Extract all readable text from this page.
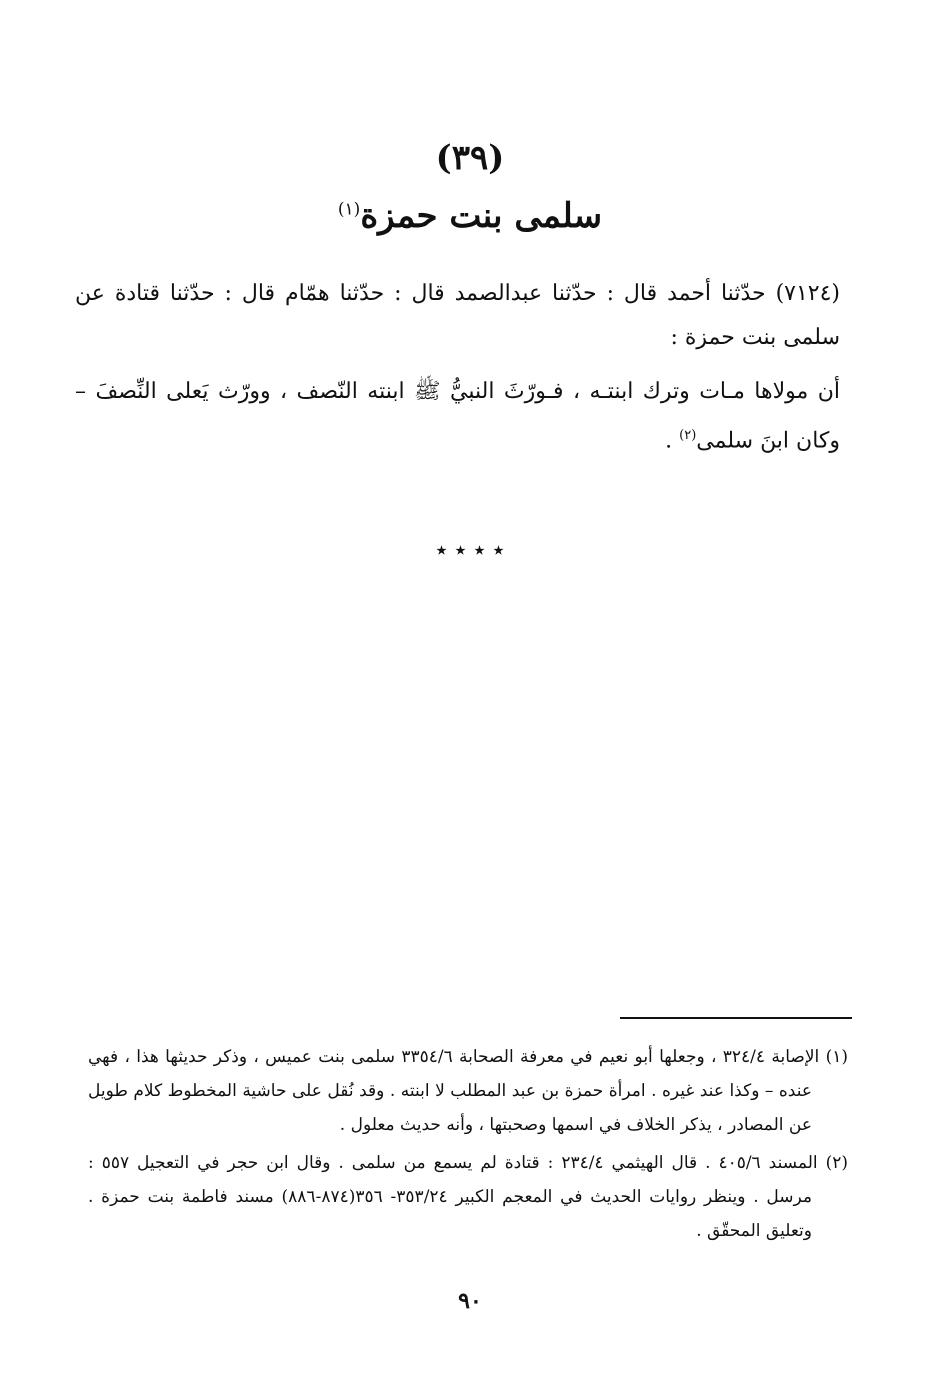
(٣٩)
سلمى بنت حمزة$^{(١)}$
(٧١٢٤) حدّثنا أحمد قال : حدّثنا عبدالصمد قال : حدّثنا همّام قال : حدّثنا قتادة عن سلمى بنت حمزة :
أن مولاها مـات وترك ابنتـه ، فـورّثَ النبيُّ ﷺ ابنته النّصف ، وورّث يَعلى النِّصفَ – وكان ابنَ سلمى$^{(٢)}$ .
٭ ٭ ٭ ٭

(١) الإصابة ٣٢٤/٤ ، وجعلها أبو نعيم في معرفة الصحابة ٣٣٥٤/٦ سلمى بنت عميس ، وذكر حديثها هذا ، فهي عنده – وكذا عند غيره . امرأة حمزة بن عبد المطلب لا ابنته . وقد نُقل على حاشية المخطوط كلام طويل عن المصادر ، يذكر الخلاف في اسمها وصحبتها ، وأنه حديث معلول .

(٢) المسند ٤٠٥/٦ . قال الهيثمي ٢٣٤/٤ : قتادة لم يسمع من سلمى . وقال ابن حجر في التعجيل ٥٥٧ : مرسل . وينظر روايات الحديث في المعجم الكبير ٣٥٣/٢٤- ٣٥٦(٨٧٤-٨٨٦) مسند فاطمة بنت حمزة . وتعليق المحقّق .

٩٠
